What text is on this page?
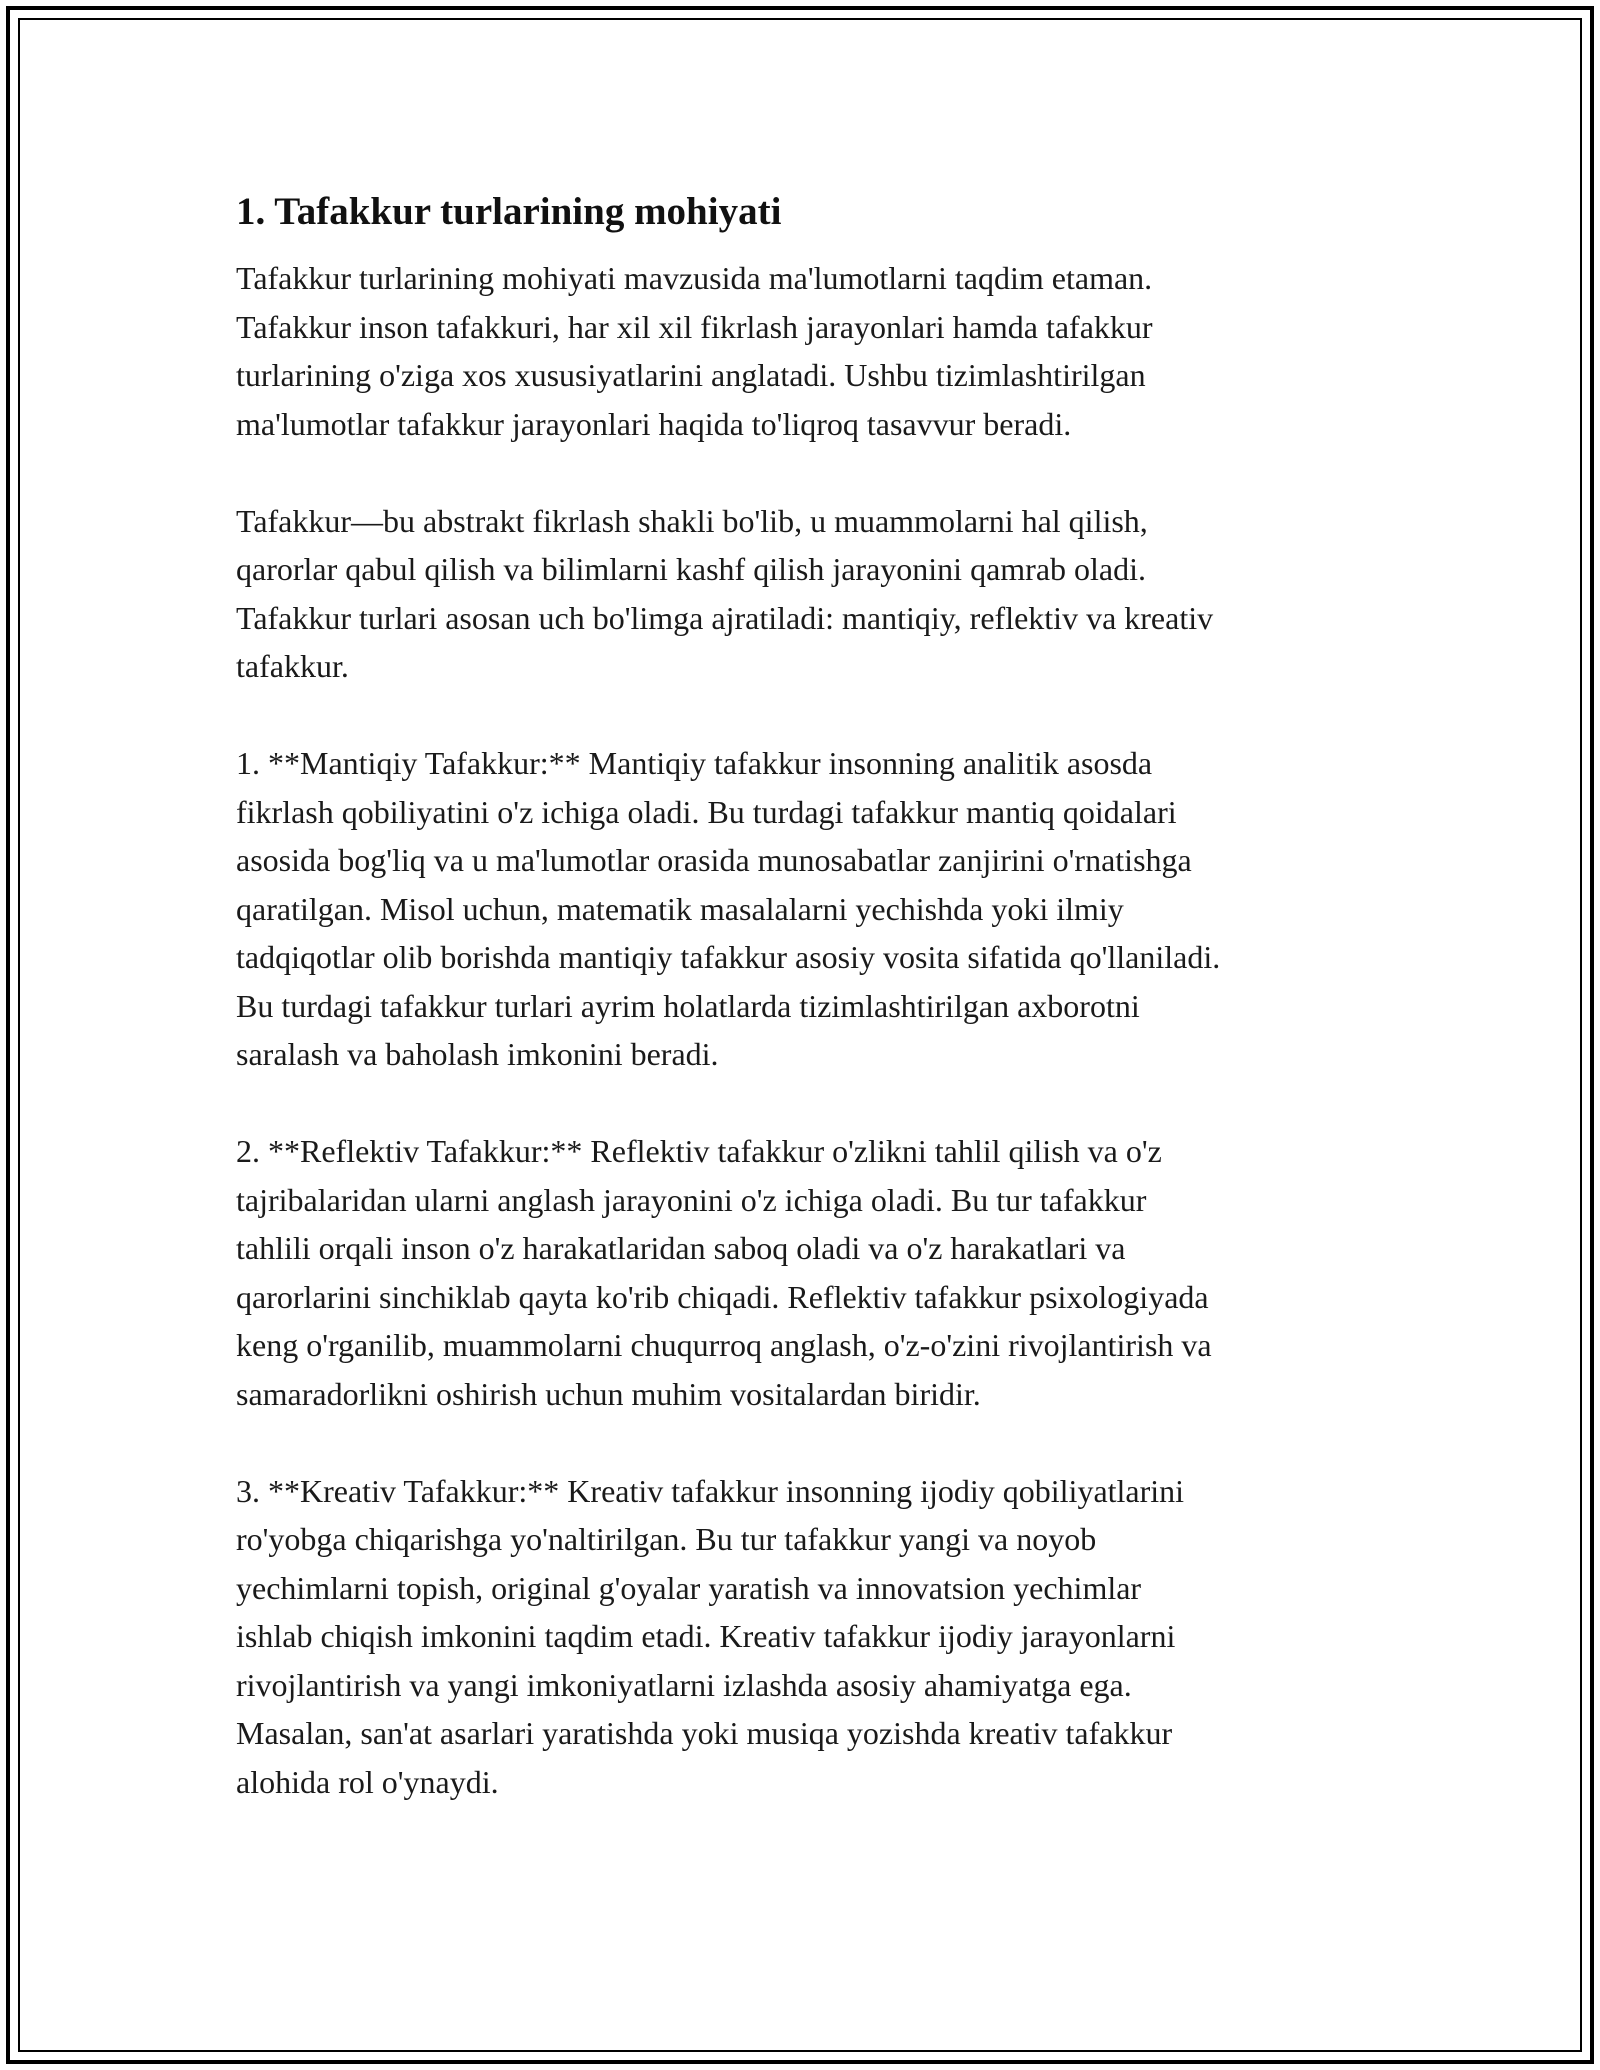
1. Tafakkur turlarining mohiyati

Tafakkur turlarining mohiyati mavzusida ma'lumotlarni taqdim etaman.
Tafakkur inson tafakkuri, har xil xil fikrlash jarayonlari hamda tafakkur
turlarining o'ziga xos xususiyatlarini anglatadi. Ushbu tizimlashtirilgan
ma'lumotlar tafakkur jarayonlari haqida to'liqroq tasavvur beradi.

Tafakkur—bu abstrakt fikrlash shakli bo'lib, u muammolarni hal qilish,
qarorlar qabul qilish va bilimlarni kashf qilish jarayonini qamrab oladi.
Tafakkur turlari asosan uch bo'limga ajratiladi: mantiqiy, reflektiv va kreativ
tafakkur.

1. **Mantiqiy Tafakkur:** Mantiqiy tafakkur insonning analitik asosda
fikrlash qobiliyatini o'z ichiga oladi. Bu turdagi tafakkur mantiq qoidalari
asosida bog'liq va u ma'lumotlar orasida munosabatlar zanjirini o'rnatishga
qaratilgan. Misol uchun, matematik masalalarni yechishda yoki ilmiy
tadqiqotlar olib borishda mantiqiy tafakkur asosiy vosita sifatida qo'llaniladi.
Bu turdagi tafakkur turlari ayrim holatlarda tizimlashtirilgan axborotni
saralash va baholash imkonini beradi.

2. **Reflektiv Tafakkur:** Reflektiv tafakkur o'zlikni tahlil qilish va o'z
tajribalaridan ularni anglash jarayonini o'z ichiga oladi. Bu tur tafakkur
tahlili orqali inson o'z harakatlaridan saboq oladi va o'z harakatlari va
qarorlarini sinchiklab qayta ko'rib chiqadi. Reflektiv tafakkur psixologiyada
keng o'rganilib, muammolarni chuqurroq anglash, o'z-o'zini rivojlantirish va
samaradorlikni oshirish uchun muhim vositalardan biridir.

3. **Kreativ Tafakkur:** Kreativ tafakkur insonning ijodiy qobiliyatlarini
ro'yobga chiqarishga yo'naltirilgan. Bu tur tafakkur yangi va noyob
yechimlarni topish, original g'oyalar yaratish va innovatsion yechimlar
ishlab chiqish imkonini taqdim etadi. Kreativ tafakkur ijodiy jarayonlarni
rivojlantirish va yangi imkoniyatlarni izlashda asosiy ahamiyatga ega.
Masalan, san'at asarlari yaratishda yoki musiqa yozishda kreativ tafakkur
alohida rol o'ynaydi.
